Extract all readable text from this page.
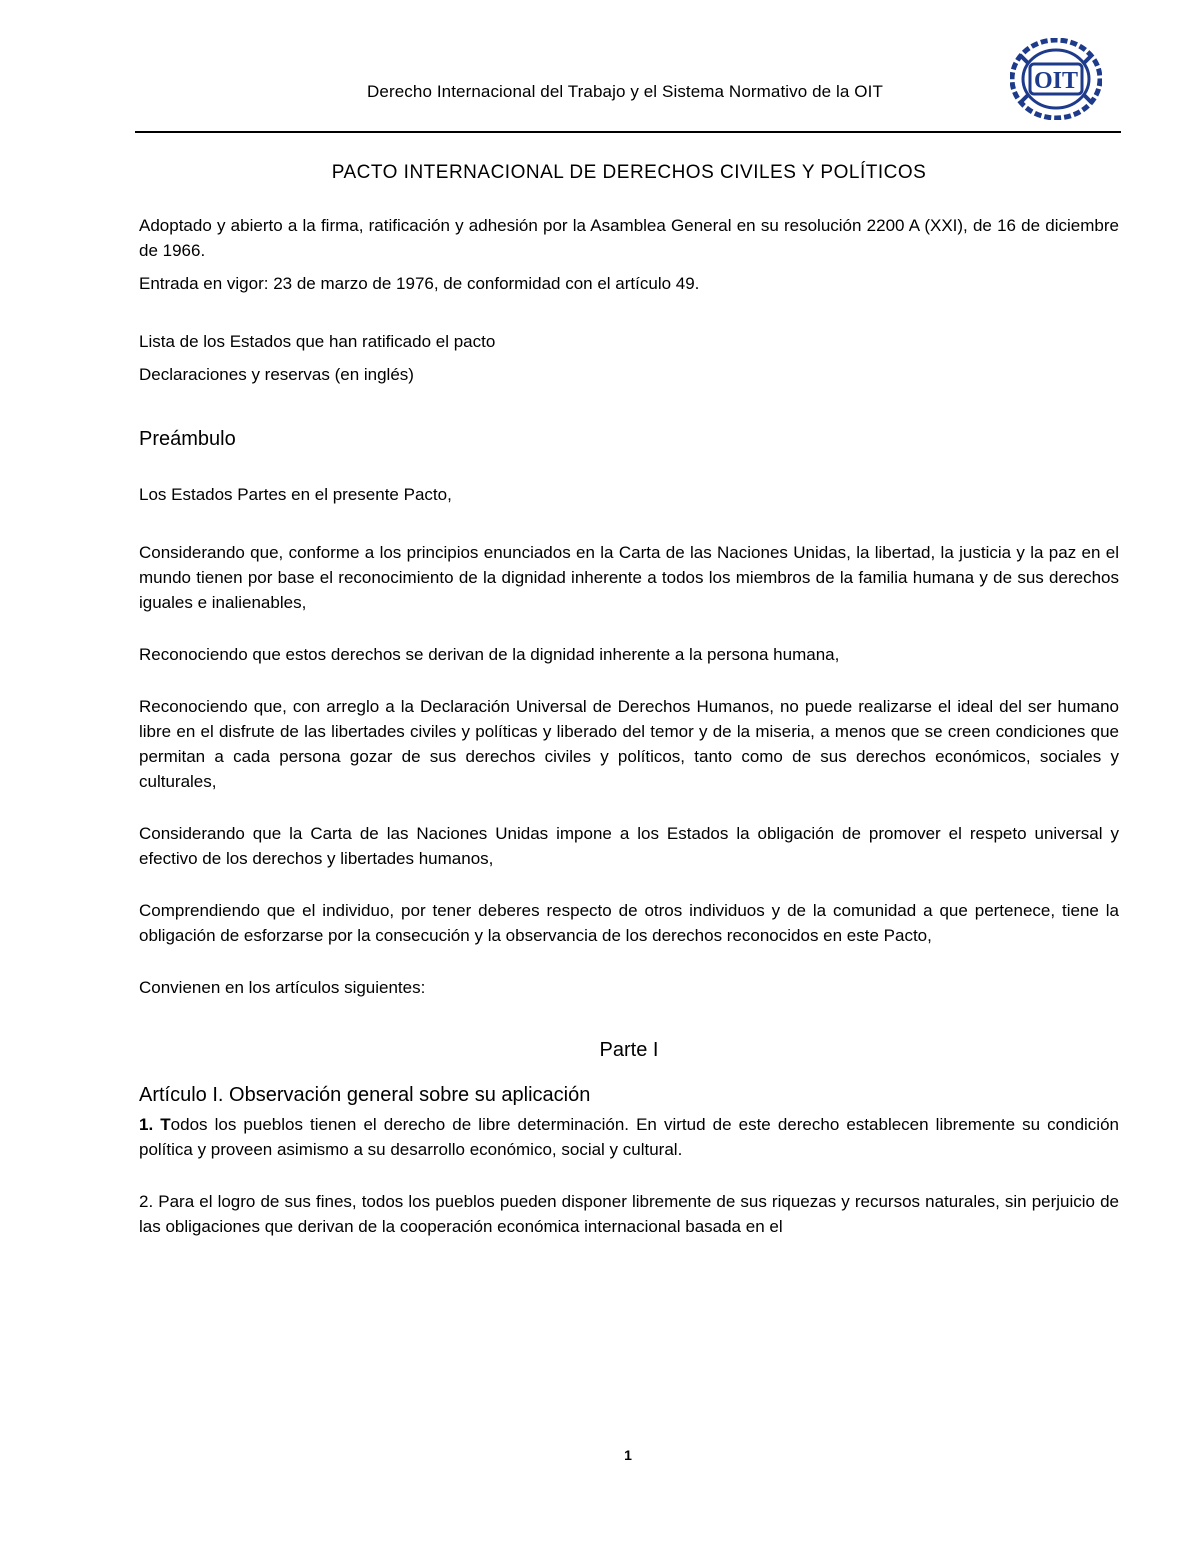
Derecho Internacional del Trabajo y el Sistema Normativo de la OIT	OIT
PACTO INTERNACIONAL DE DERECHOS CIVILES Y POLÍTICOS

Adoptado y abierto a la firma, ratificación y adhesión por la Asamblea General en su resolución 2200 A (XXI), de 16 de diciembre de 1966.

Entrada en vigor: 23 de marzo de 1976, de conformidad con el artículo 49.

Lista de los Estados que han ratificado el pacto

Declaraciones y reservas (en inglés)

Preámbulo

Los Estados Partes en el presente Pacto,

Considerando que, conforme a los principios enunciados en la Carta de las Naciones Unidas, la libertad, la justicia y la paz en el mundo tienen por base el reconocimiento de la dignidad inherente a todos los miembros de la familia humana y de sus derechos iguales e inalienables,

Reconociendo que estos derechos se derivan de la dignidad inherente a la persona humana,

Reconociendo que, con arreglo a la Declaración Universal de Derechos Humanos, no puede realizarse el ideal del ser humano libre en el disfrute de las libertades civiles y políticas y liberado del temor y de la miseria, a menos que se creen condiciones que permitan a cada persona gozar de sus derechos civiles y políticos, tanto como de sus derechos económicos, sociales y culturales,

Considerando que la Carta de las Naciones Unidas impone a los Estados la obligación de promover el respeto universal y efectivo de los derechos y libertades humanos,

Comprendiendo que el individuo, por tener deberes respecto de otros individuos y de la comunidad a que pertenece, tiene la obligación de esforzarse por la consecución y la observancia de los derechos reconocidos en este Pacto,

Convienen en los artículos siguientes:

Parte I

Artículo I. Observación general sobre su aplicación

1. Todos los pueblos tienen el derecho de libre determinación. En virtud de este derecho establecen libremente su condición política y proveen asimismo a su desarrollo económico, social y cultural.

2. Para el logro de sus fines, todos los pueblos pueden disponer libremente de sus riquezas y recursos naturales, sin perjuicio de las obligaciones que derivan de la cooperación económica internacional basada en el

1
